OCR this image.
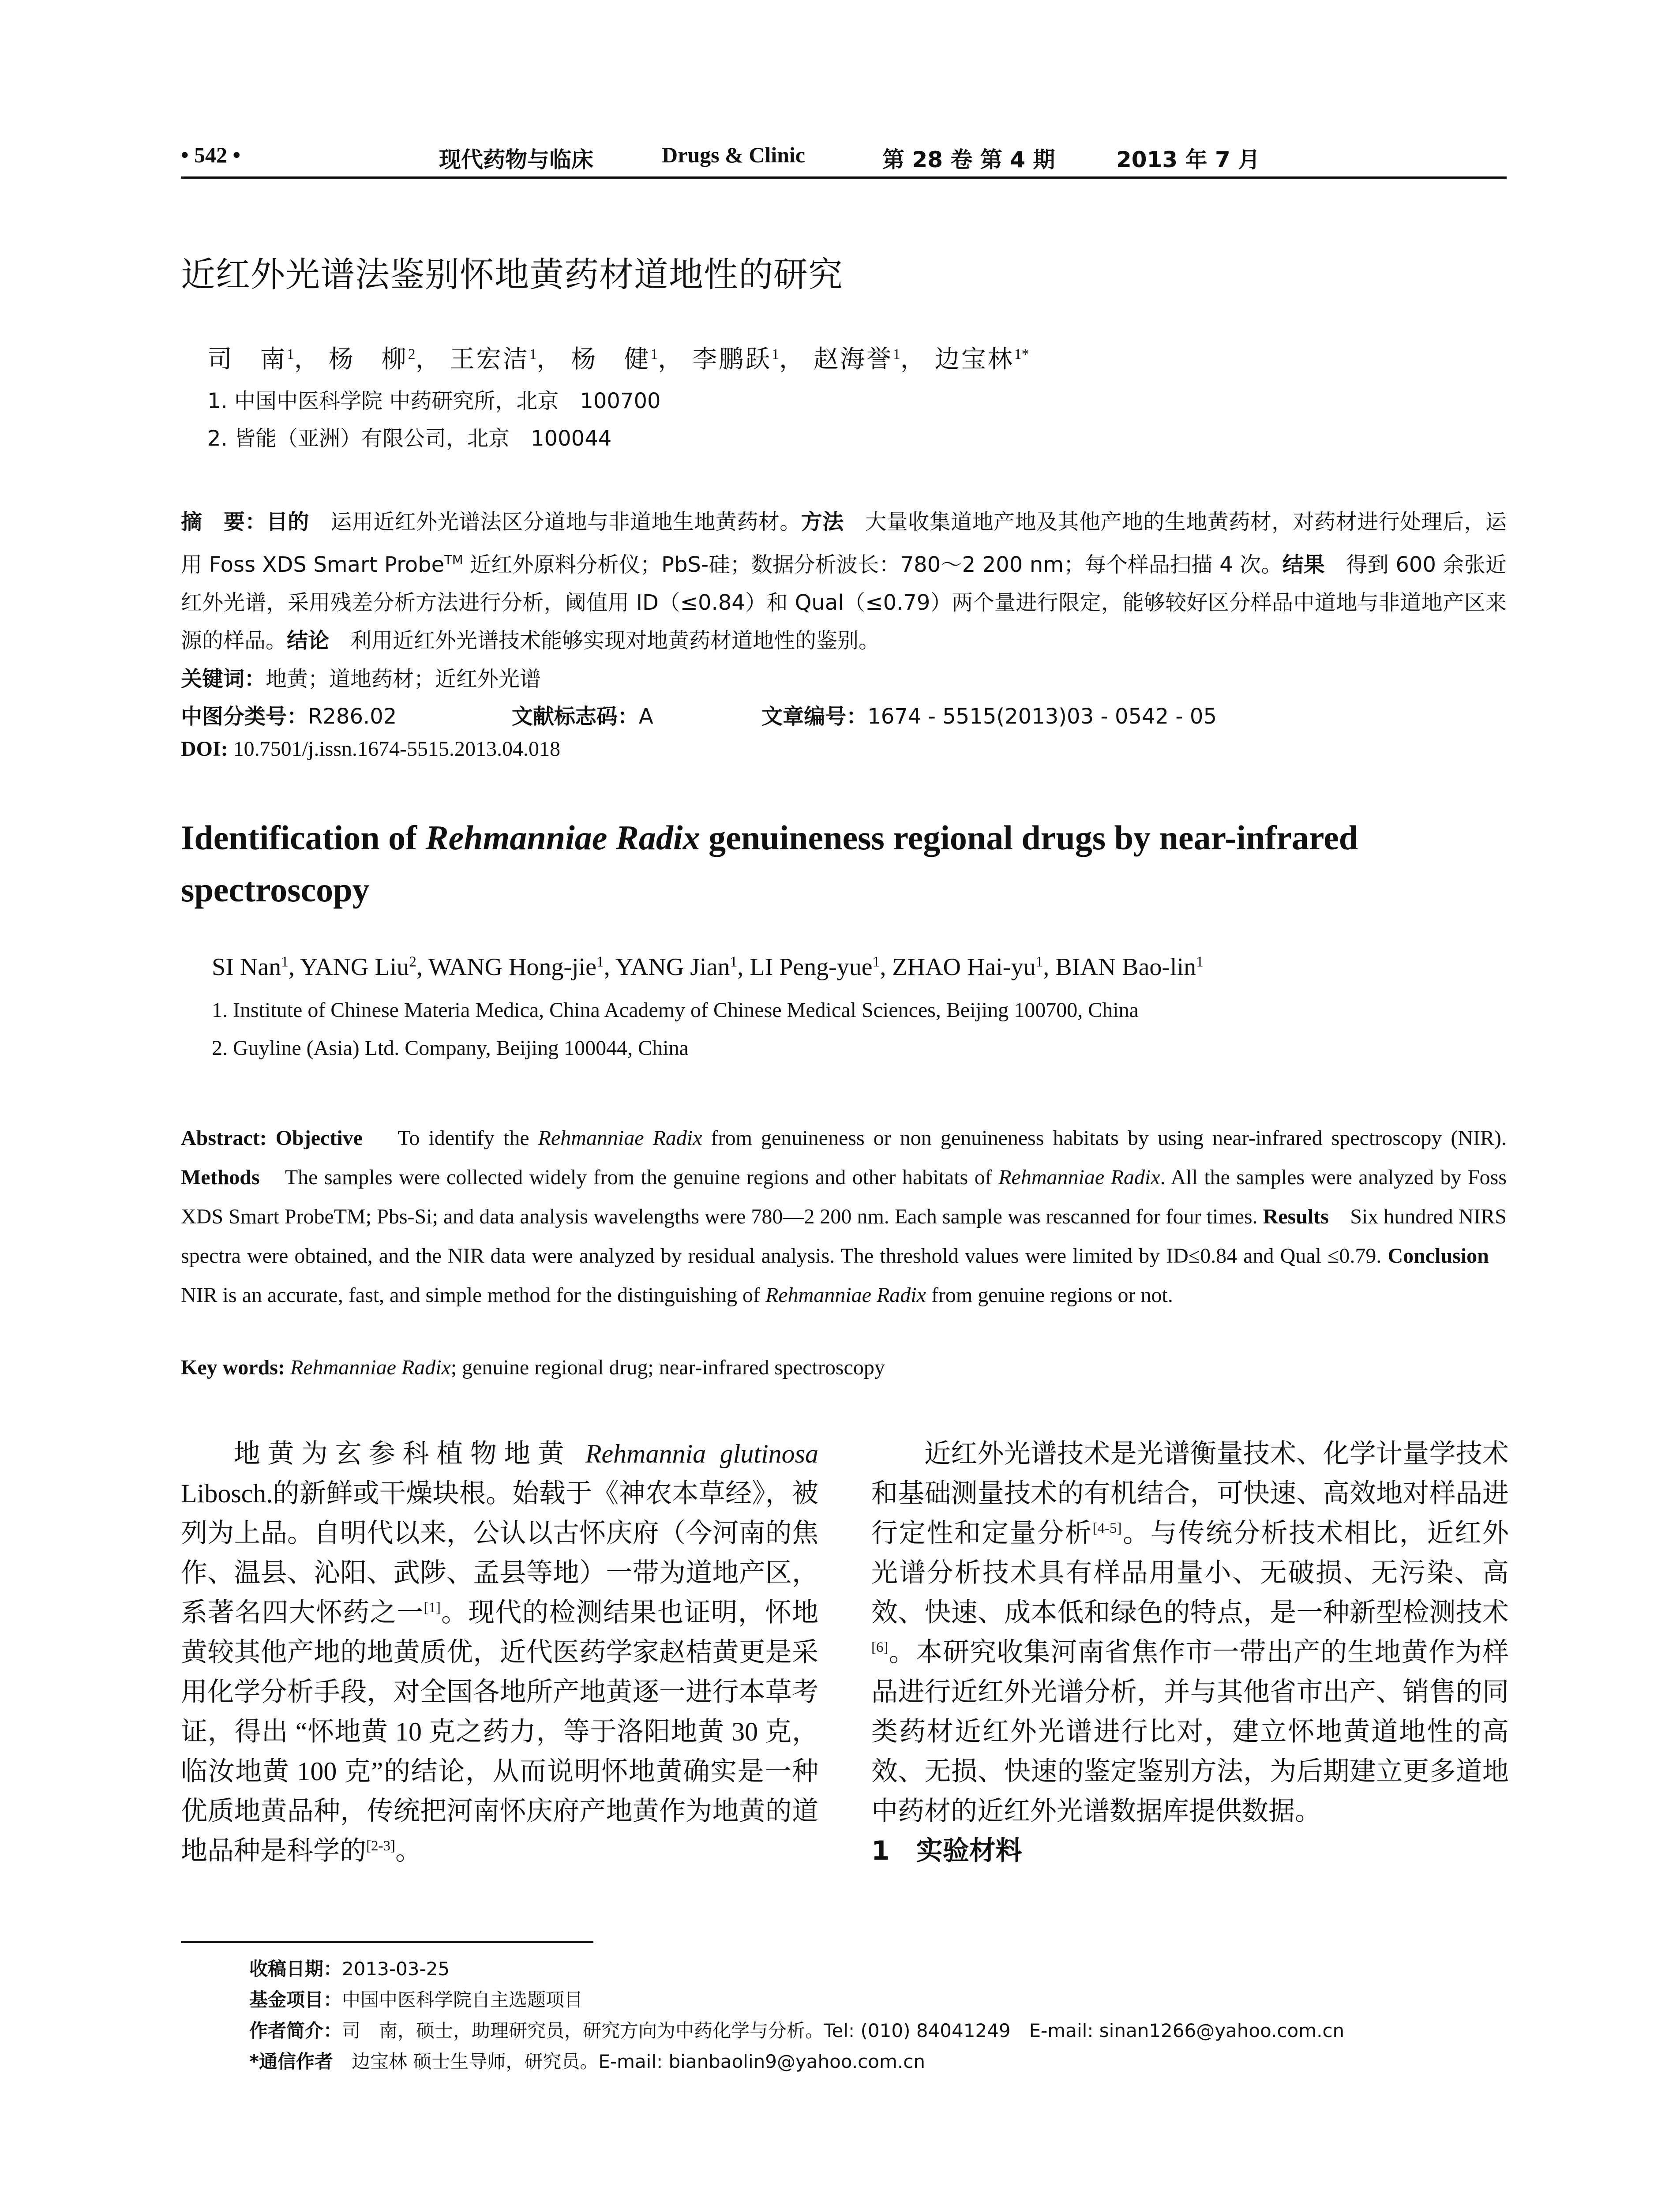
• 542 •	现代药物与临床	Drugs & Clinic	第 28 卷 第 4 期	2013 年 7 月
近红外光谱法鉴别怀地黄药材道地性的研究
司　南$^1$， 杨　柳$^2$， 王宏洁$^1$， 杨　健$^1$， 李鹏跃$^1$， 赵海誉$^1$， 边宝林$^{1*}$
1. 中国中医科学院 中药研究所，北京　100700
2. 皆能（亚洲）有限公司，北京　100044
摘　要：目的　 运用近红外光谱法区分道地与非道地生地黄药材。方法　 大量收集道地产地及其他产地的生地黄药材，对药材进行处理后，运用 Foss XDS Smart Probe™ 近红外原料分析仪；PbS-硅；数据分析波长：780～2 200 nm；每个样品扫描 4 次。结果　 得到 600 余张近红外光谱，采用残差分析方法进行分析，阈值用 ID（≤0.84）和 Qual（≤0.79）两个量进行限定，能够较好区分样品中道地与非道地产区来源的样品。结论　 利用近红外光谱技术能够实现对地黄药材道地性的鉴别。
关键词：地黄；道地药材；近红外光谱
中图分类号：R286.02	文献标志码：A	文章编号：1674 - 5515(2013)03 - 0542 - 05
DOI: 10.7501/j.issn.1674-5515.2013.04.018
Identification of Rehmanniae Radix genuineness regional drugs by near-infrared spectroscopy
SI Nan$^1$, YANG Liu$^2$, WANG Hong-jie$^1$, YANG Jian$^1$, LI Peng-yue$^1$, ZHAO Hai-$yu^1$, BIAN Bao-lin$^1$
1. Institute of Chinese Materia Medica, China Academy of Chinese Medical Sciences, Beijing 100700, China
2. Guyline (Asia) Ltd. Company, Beijing 100044, China
Abstract: Objective To identify the Rehmanniae Radix from genuineness or non genuineness habitats by using near-infrared spectroscopy (NIR). Methods The samples were collected widely from the genuine regions and other habitats of Rehmanniae Radix. All the samples were analyzed by Foss XDS Smart ProbeTM; Pbs-Si; and data analysis wavelengths were 780—2 200 nm. Each sample was rescanned for four times. Results Six hundred NIRS spectra were obtained, and the NIR data were analyzed by residual analysis. The threshold values were limited by ID≤0.84 and Qual ≤0.79. Conclusion    NIR is an accurate, fast, and simple method for the distinguishing of Rehmanniae Radix from genuine regions or not.
Key words: Rehmanniae Radix; genuine regional drug; near-infrared spectroscopy

地黄为玄参科植物地黄 Rehmannia glutinosa Libosch.的新鲜或干燥块根。始载于《神农本草经》，被列为上品。自明代以来，公认以古怀庆府（今河南的焦作、温县、沁阳、武陟、孟县等地）一带为道地产区，系著名四大怀药之一[1]。现代的检测结果也证明，怀地黄较其他产地的地黄质优，近代医药学家赵桔黄更是采用化学分析手段，对全国各地所产地黄逐一进行本草考证，得出 “怀地黄 10 克之药力，等于洛阳地黄 30 克，临汝地黄 100 克”的结论，从而说明怀地黄确实是一种优质地黄品种，传统把河南怀庆府产地黄作为地黄的道地品种是科学的[2-3]。

近红外光谱技术是光谱衡量技术、化学计量学技术和基础测量技术的有机结合，可快速、高效地对样品进行定性和定量分析[4-5]。与传统分析技术相比，近红外光谱分析技术具有样品用量小、无破损、无污染、高效、快速、成本低和绿色的特点，是一种新型检测技术[6]。本研究收集河南省焦作市一带出产的生地黄作为样品进行近红外光谱分析，并与其他省市出产、销售的同类药材近红外光谱进行比对，建立怀地黄道地性的高效、无损、快速的鉴定鉴别方法，为后期建立更多道地中药材的近红外光谱数据库提供数据。

1　实验材料
收稿日期：2013-03-25
基金项目：中国中医科学院自主选题项目
作者简介：司　南，硕士，助理研究员，研究方向为中药化学与分析。Tel: (010) 84041249　E-mail: sinan1266@yahoo.com.cn
*通信作者　边宝林 硕士生导师，研究员。E-mail: bianbaolin9@yahoo.com.cn
